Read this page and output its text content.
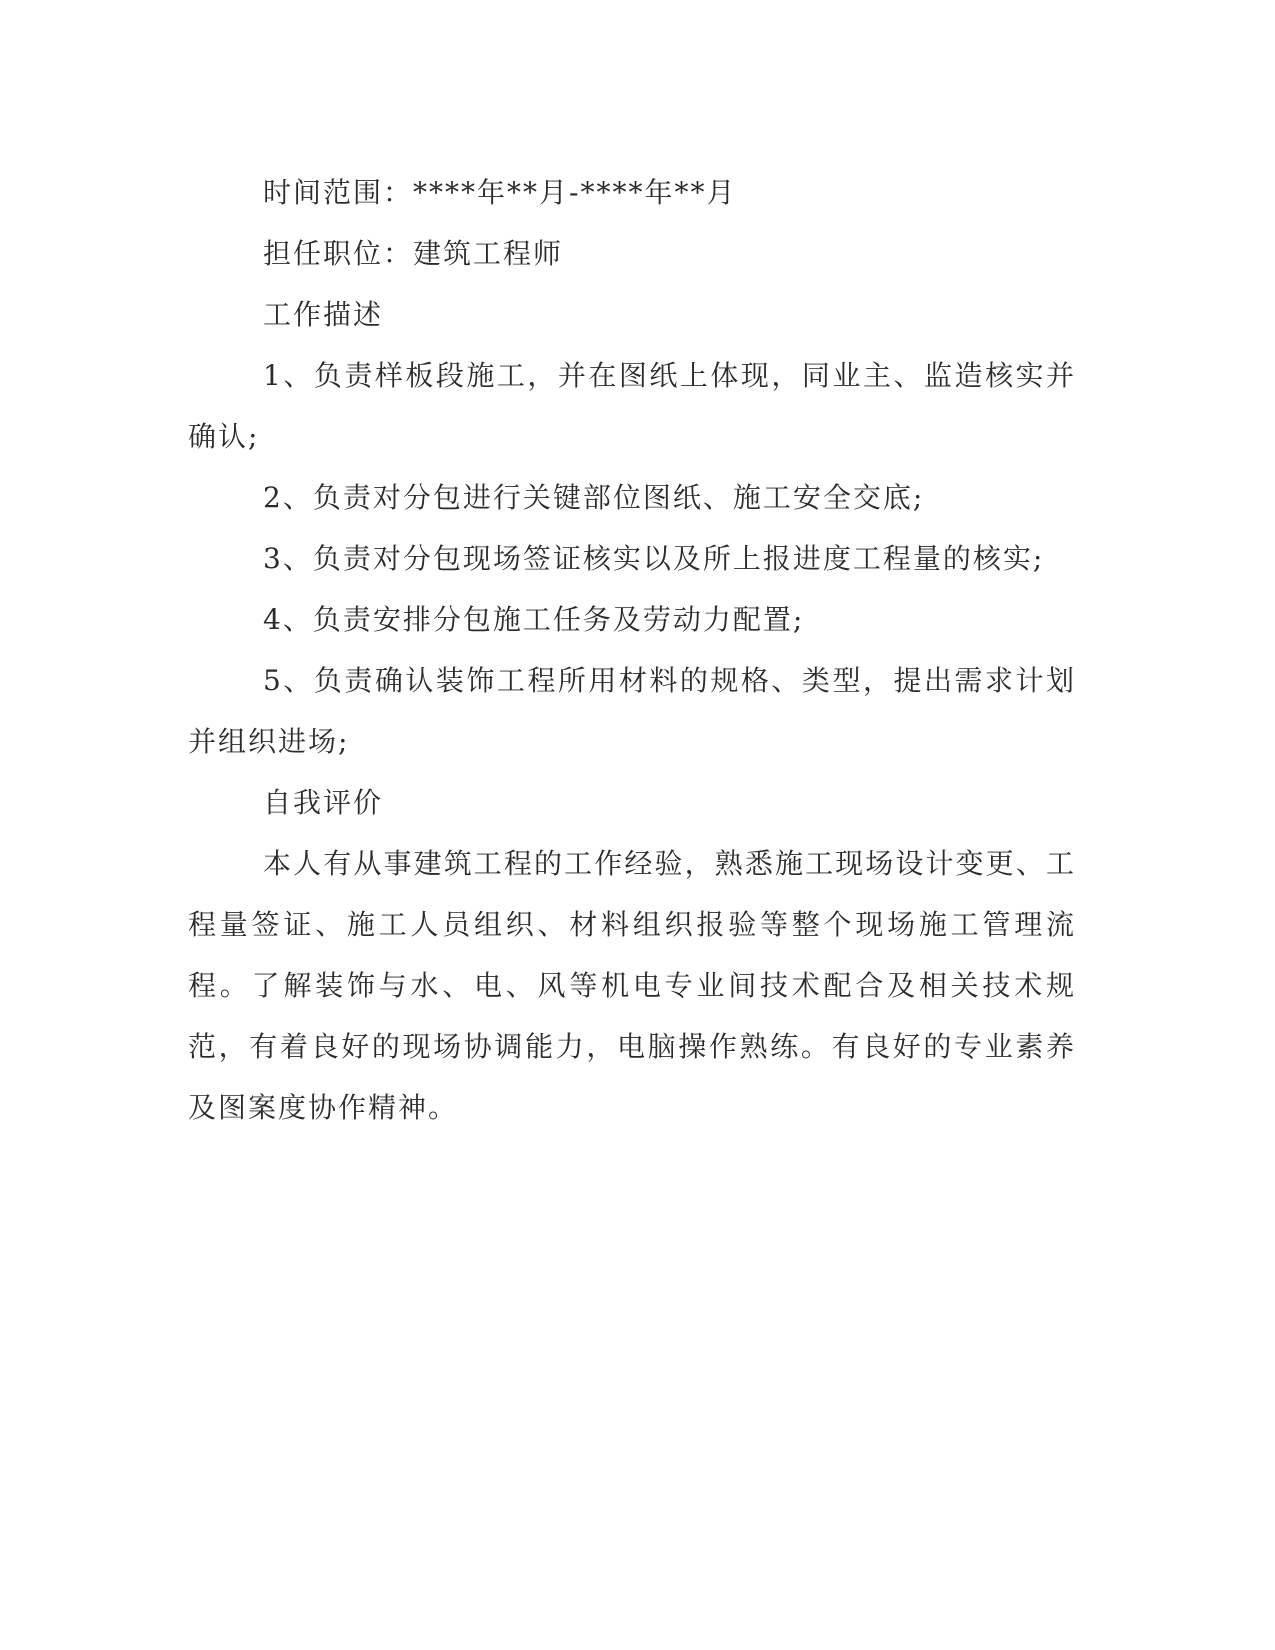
时间范围：****年**月-****年**月

担任职位：建筑工程师

工作描述

1、负责样板段施工，并在图纸上体现，同业主、监造核实并确认;

2、负责对分包进行关键部位图纸、施工安全交底;

3、负责对分包现场签证核实以及所上报进度工程量的核实;

4、负责安排分包施工任务及劳动力配置;

5、负责确认装饰工程所用材料的规格、类型，提出需求计划并组织进场;

自我评价

本人有从事建筑工程的工作经验，熟悉施工现场设计变更、工程量签证、施工人员组织、材料组织报验等整个现场施工管理流程。了解装饰与水、电、风等机电专业间技术配合及相关技术规范，有着良好的现场协调能力，电脑操作熟练。有良好的专业素养及图案度协作精神。
